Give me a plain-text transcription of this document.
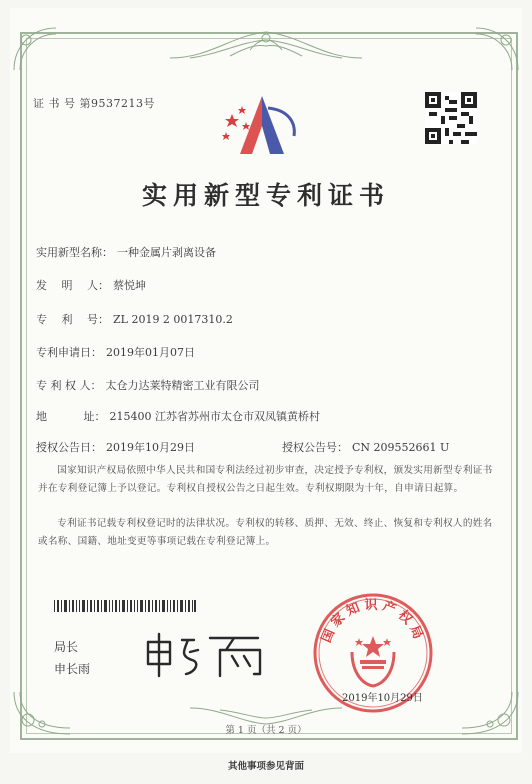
证 书 号 第9537213号
实用新型专利证书
实用新型名称： 一种金属片剥离设备
发　 明　 人： 蔡悦坤
专　 利　 号： ZL 2019 2 0017310.2
专利申请日： 2019年01月07日
专 利 权 人： 太仓力达莱特精密工业有限公司
地　　　 址： 215400 江苏省苏州市太仓市双凤镇黄桥村
授权公告日： 2019年10月29日	授权公告号： CN 209552661 U
国家知识产权局依照中华人民共和国专利法经过初步审查，决定授予专利权，颁发实用新型专利证书并在专利登记簿上予以登记。专利权自授权公告之日起生效。专利权期限为十年，自申请日起算。
专利证书记载专利权登记时的法律状况。专利权的转移、质押、无效、终止、恢复和专利权人的姓名或名称、国籍、地址变更等事项记载在专利登记簿上。
局长
申长雨
国家知识产权局
2019年10月29日
第 1 页（共 2 页）
其他事项参见背面
